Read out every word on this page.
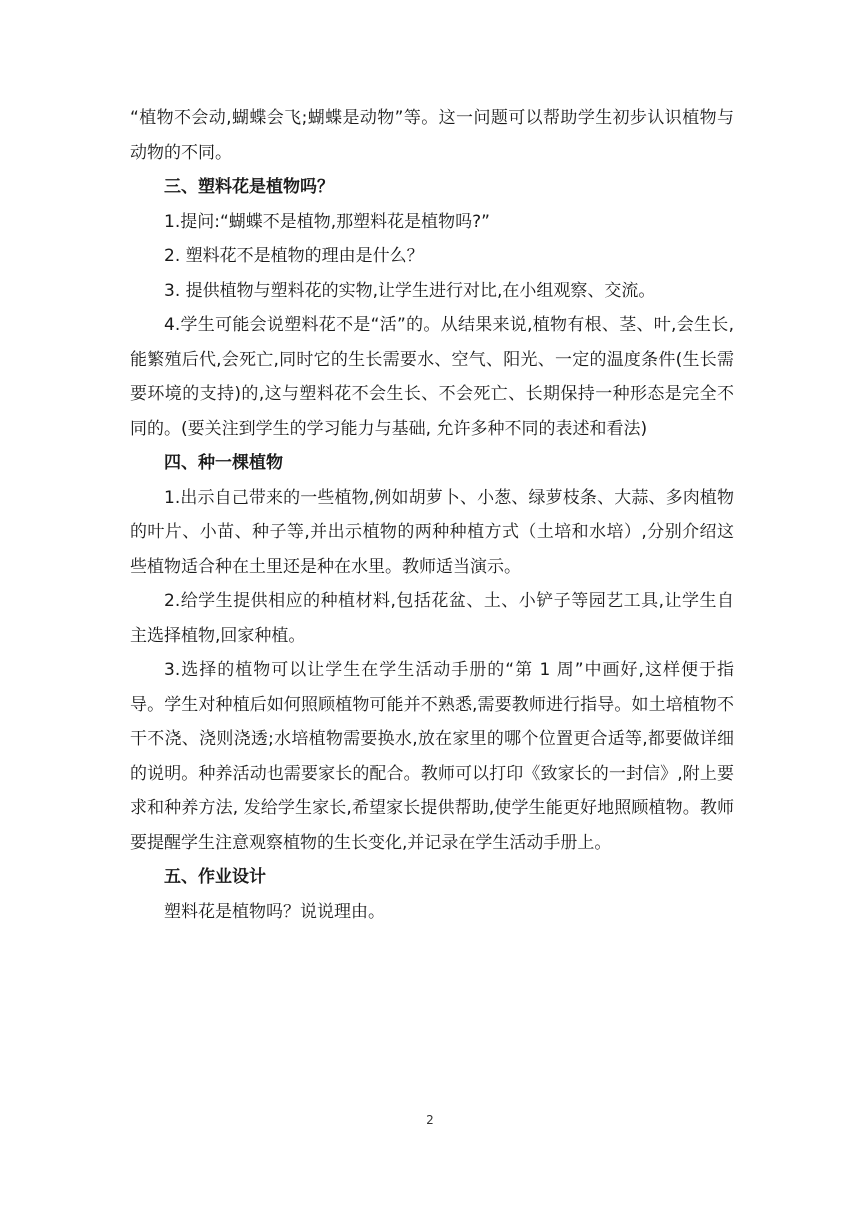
“植物不会动,蝴蝶会飞;蝴蝶是动物”等。这一问题可以帮助学生初步认识植物与动物的不同。

三、塑料花是植物吗？

1.提问:“蝴蝶不是植物,那塑料花是植物吗?”

2. 塑料花不是植物的理由是什么？

3. 提供植物与塑料花的实物,让学生进行对比,在小组观察、交流。

4.学生可能会说塑料花不是“活”的。从结果来说,植物有根、茎、叶,会生长,能繁殖后代,会死亡,同时它的生长需要水、空气、阳光、一定的温度条件(生长需要环境的支持)的,这与塑料花不会生长、不会死亡、长期保持一种形态是完全不同的。(要关注到学生的学习能力与基础, 允许多种不同的表述和看法)

四、种一棵植物

1.出示自己带来的一些植物,例如胡萝卜、小葱、绿萝枝条、大蒜、多肉植物的叶片、小苗、种子等,并出示植物的两种种植方式（土培和水培）,分别介绍这些植物适合种在土里还是种在水里。教师适当演示。

2.给学生提供相应的种植材料,包括花盆、土、小铲子等园艺工具,让学生自主选择植物,回家种植。

3.选择的植物可以让学生在学生活动手册的“第 1 周”中画好,这样便于指导。学生对种植后如何照顾植物可能并不熟悉,需要教师进行指导。如土培植物不干不浇、浇则浇透;水培植物需要换水,放在家里的哪个位置更合适等,都要做详细的说明。种养活动也需要家长的配合。教师可以打印《致家长的一封信》,附上要求和种养方法, 发给学生家长,希望家长提供帮助,使学生能更好地照顾植物。教师要提醒学生注意观察植物的生长变化,并记录在学生活动手册上。

五、作业设计

塑料花是植物吗？说说理由。

2
